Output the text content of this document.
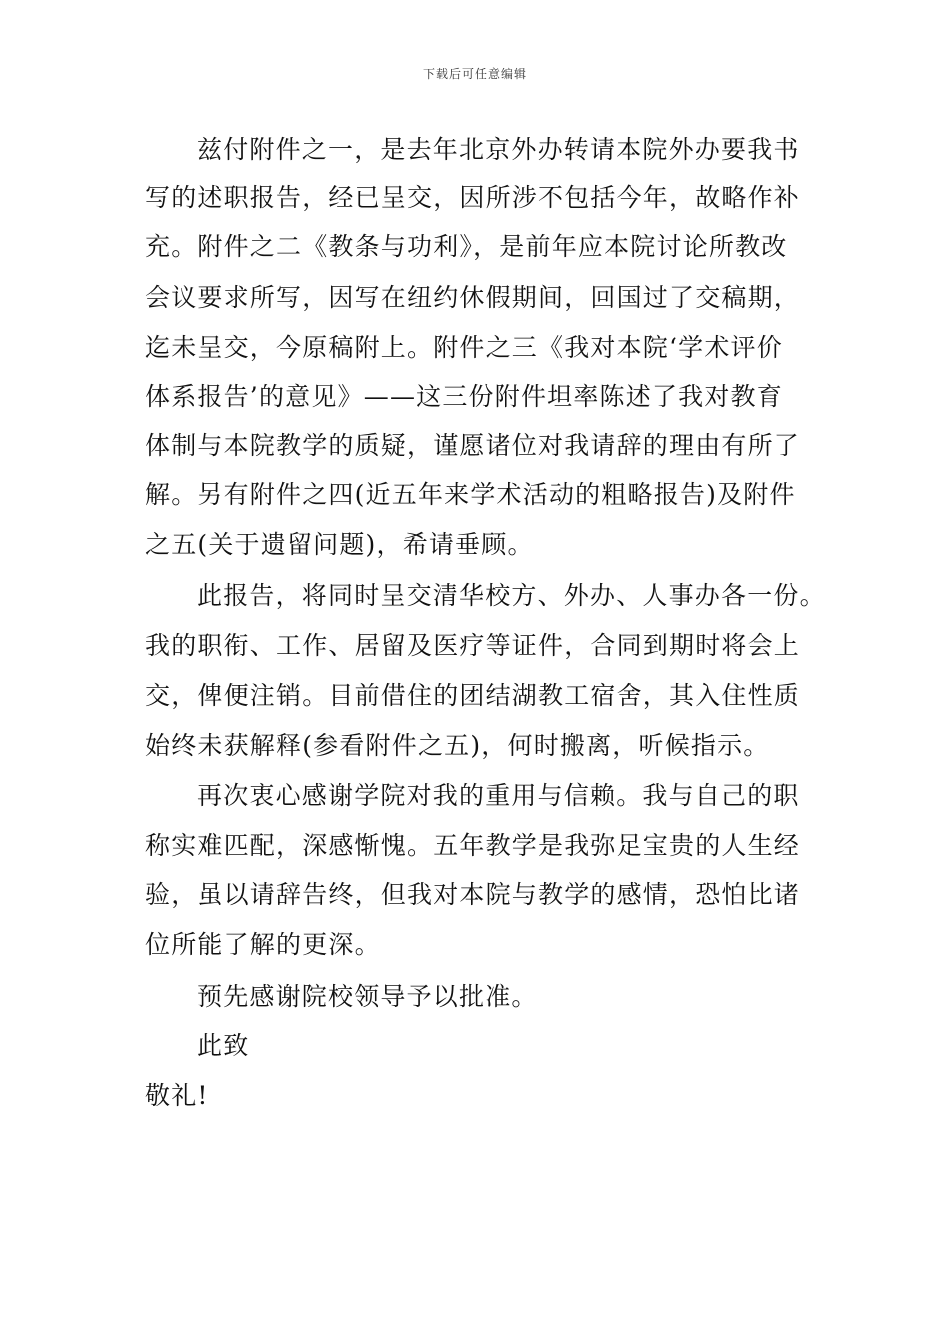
下载后可任意编辑
兹付附件之一，是去年北京外办转请本院外办要我书
写的述职报告，经已呈交，因所涉不包括今年，故略作补
充。附件之二《教条与功利》，是前年应本院讨论所教改
会议要求所写，因写在纽约休假期间，回国过了交稿期，
迄未呈交，今原稿附上。附件之三《我对本院‘学术评价
体系报告’的意见》——这三份附件坦率陈述了我对教育
体制与本院教学的质疑，谨愿诸位对我请辞的理由有所了
解。另有附件之四(近五年来学术活动的粗略报告)及附件
之五(关于遗留问题)，希请垂顾。
此报告，将同时呈交清华校方、外办、人事办各一份。
我的职衔、工作、居留及医疗等证件，合同到期时将会上
交，俾便注销。目前借住的团结湖教工宿舍，其入住性质
始终未获解释(参看附件之五)，何时搬离，听候指示。
再次衷心感谢学院对我的重用与信赖。我与自己的职
称实难匹配，深感惭愧。五年教学是我弥足宝贵的人生经
验，虽以请辞告终，但我对本院与教学的感情，恐怕比诸
位所能了解的更深。
预先感谢院校领导予以批准。
此致
敬礼!
